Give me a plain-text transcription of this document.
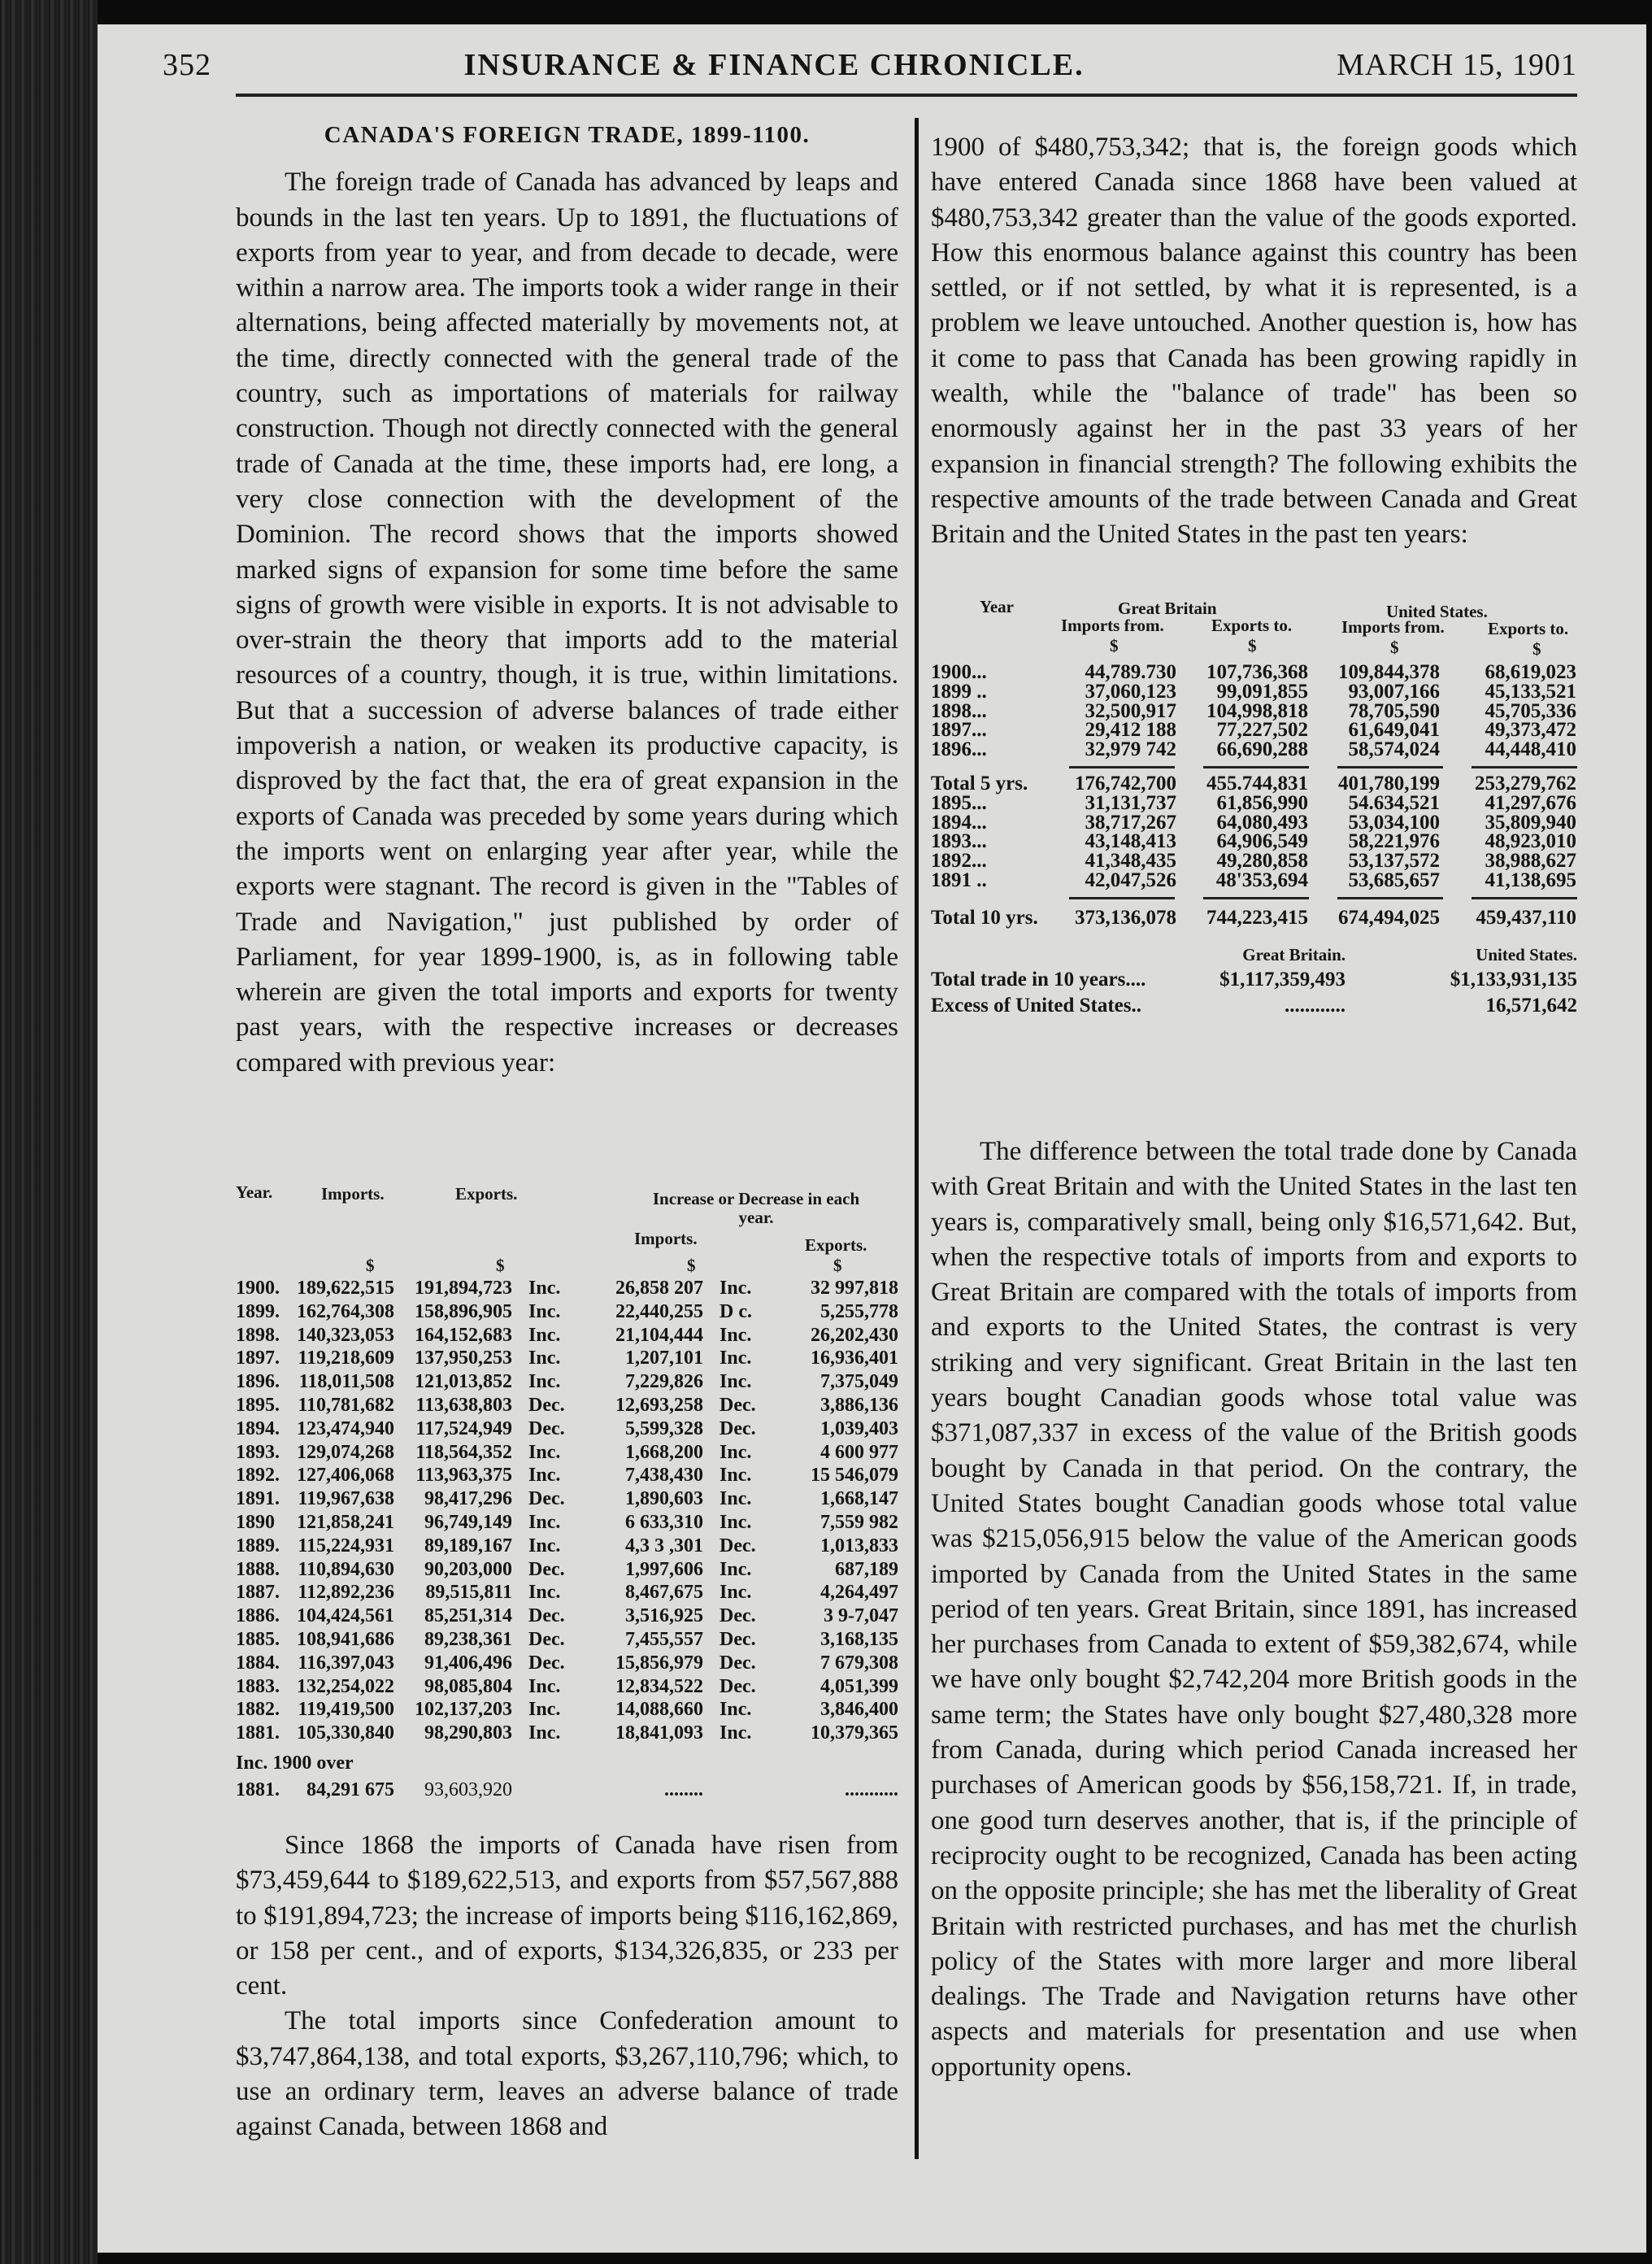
352	INSURANCE & FINANCE CHRONICLE.	MARCH 15, 1901
CANADA'S FOREIGN TRADE, 1899-1100.

The foreign trade of Canada has advanced by leaps and bounds in the last ten years. Up to 1891, the fluctuations of exports from year to year, and from decade to decade, were within a narrow area. The imports took a wider range in their alternations, being affected materially by movements not, at the time, directly connected with the general trade of the country, such as importations of materials for railway construction. Though not directly connected with the general trade of Canada at the time, these imports had, ere long, a very close connection with the development of the Dominion. The record shows that the imports showed marked signs of expansion for some time before the same signs of growth were visible in exports. It is not advisable to over-strain the theory that imports add to the material resources of a country, though, it is true, within limitations. But that a succession of adverse balances of trade either impoverish a nation, or weaken its productive capacity, is disproved by the fact that, the era of great expansion in the exports of Canada was preceded by some years during which the imports went on enlarging year after year, while the exports were stagnant. The record is given in the "Tables of Trade and Navigation," just published by order of Parliament, for year 1899-1900, is, as in following table wherein are given the total imports and exports for twenty past years, with the respective increases or decreases compared with previous year:

Year.	Imports.	Exports.	Increase or Decrease in each year.
Imports.	Exports.
$	$	$	$
1900. 189,622,515	191,894,723 Inc.	26,858 207 Inc.	32 997,818
1899. 162,764,308	158,896,905 Inc.	22,440,255 D c.	5,255,778
1898. 140,323,053	164,152,683 Inc.	21,104,444 Inc.	26,202,430
1897. 119,218,609	137,950,253 Inc.	1,207,101 Inc.	16,936,401
1896. 118,011,508	121,013,852 Inc.	7,229,826 Inc.	7,375,049
1895. 110,781,682	113,638,803 Dec.	12,693,258 Dec.	3,886,136
1894. 123,474,940	117,524,949 Dec.	5,599,328 Dec.	1,039,403
1893. 129,074,268	118,564,352 Inc.	1,668,200 Inc.	4 600 977
1892. 127,406,068	113,963,375 Inc.	7,438,430 Inc.	15 546,079
1891. 119,967,638	98,417,296 Dec.	1,890,603 Inc.	1,668,147
1890	121,858,241	96,749,149 Inc.	6 633,310 Inc.	7,559 982
1889. 115,224,931	89,189,167 Inc.	4,3 3 ,301 Dec.	1,013,833
1888. 110,894,630	90,203,000 Dec.	1,997,606 Inc.	687,189
1887. 112,892,236	89,515,811 Inc.	8,467,675 Inc.	4,264,497
1886. 104,424,561	85,251,314 Dec.	3,516,925 Dec.	3 9-7,047
1885. 108,941,686	89,238,361 Dec.	7,455,557 Dec.	3,168,135
1884. 116,397,043	91,406,496 Dec.	15,856,979 Dec.	7 679,308
1883. 132,254,022	98,085,804 Inc.	12,834,522 Dec.	4,051,399
1882. 119,419,500	102,137,203 Inc.	14,088,660 Inc.	3,846,400
1881. 105,330,840	98,290,803 Inc.	18,841,093 Inc.	10,379,365
Inc. 1900 over
1881.	84,291 675	93,603,920	........	...........

Since 1868 the imports of Canada have risen from $73,459,644 to $189,622,513, and exports from $57,567,888 to $191,894,723; the increase of imports being $116,162,869, or 158 per cent., and of exports, $134,326,835, or 233 per cent.

The total imports since Confederation amount to $3,747,864,138, and total exports, $3,267,110,796; which, to use an ordinary term, leaves an adverse balance of trade against Canada, between 1868 and

1900 of $480,753,342; that is, the foreign goods which have entered Canada since 1868 have been valued at $480,753,342 greater than the value of the goods exported. How this enormous balance against this country has been settled, or if not settled, by what it is represented, is a problem we leave untouched. Another question is, how has it come to pass that Canada has been growing rapidly in wealth, while the "balance of trade" has been so enormously against her in the past 33 years of her expansion in financial strength? The following exhibits the respective amounts of the trade between Canada and Great Britain and the United States in the past ten years:

Year	Great Britain	United States.
Imports from.	Exports to.	Imports from.	Exports to.
$	$	$	$
1900...	44,789.730	107,736,368	109,844,378	68,619,023
1899 ..	37,060,123	99,091,855	93,007,166	45,133,521
1898...	32,500,917	104,998,818	78,705,590	45,705,336
1897...	29,412 188	77,227,502	61,649,041	49,373,472
1896...	32,979 742	66,690,288	58,574,024	44,448,410
Total 5 yrs.	176,742,700	455.744,831	401,780,199	253,279,762
1895...	31,131,737	61,856,990	54.634,521	41,297,676
1894...	38,717,267	64,080,493	53,034,100	35,809,940
1893...	43,148,413	64,906,549	58,221,976	48,923,010
1892...	41,348,435	49,280,858	53,137,572	38,988,627
1891 ..	42,047,526	48'353,694	53,685,657	41,138,695
Total 10 yrs.	373,136,078	744,223,415	674,494,025	459,437,110
Great Britain.	United States.
Total trade in 10 years....	$1,117,359,493	$1,133,931,135
Excess of United States..	............	16,571,642

The difference between the total trade done by Canada with Great Britain and with the United States in the last ten years is, comparatively small, being only $16,571,642. But, when the respective totals of imports from and exports to Great Britain are compared with the totals of imports from and exports to the United States, the contrast is very striking and very significant. Great Britain in the last ten years bought Canadian goods whose total value was $371,087,337 in excess of the value of the British goods bought by Canada in that period. On the contrary, the United States bought Canadian goods whose total value was $215,056,915 below the value of the American goods imported by Canada from the United States in the same period of ten years. Great Britain, since 1891, has increased her purchases from Canada to extent of $59,382,674, while we have only bought $2,742,204 more British goods in the same term; the States have only bought $27,480,328 more from Canada, during which period Canada increased her purchases of American goods by $56,158,721. If, in trade, one good turn deserves another, that is, if the principle of reciprocity ought to be recognized, Canada has been acting on the opposite principle; she has met the liberality of Great Britain with restricted purchases, and has met the churlish policy of the States with more larger and more liberal dealings. The Trade and Navigation returns have other aspects and materials for presentation and use when opportunity opens.
